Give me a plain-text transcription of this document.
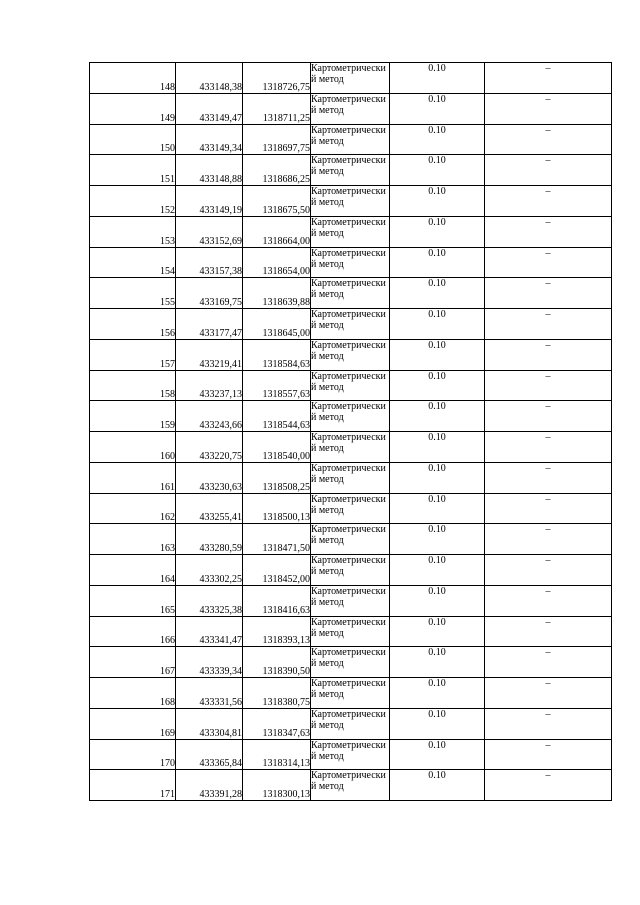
148	433148,38	1318726,75	Картометрический метод	0.10	–
149	433149,47	1318711,25	Картометрический метод	0.10	–
150	433149,34	1318697,75	Картометрический метод	0.10	–
151	433148,88	1318686,25	Картометрический метод	0.10	–
152	433149,19	1318675,50	Картометрический метод	0.10	–
153	433152,69	1318664,00	Картометрический метод	0.10	–
154	433157,38	1318654,00	Картометрический метод	0.10	–
155	433169,75	1318639,88	Картометрический метод	0.10	–
156	433177,47	1318645,00	Картометрический метод	0.10	–
157	433219,41	1318584,63	Картометрический метод	0.10	–
158	433237,13	1318557,63	Картометрический метод	0.10	–
159	433243,66	1318544,63	Картометрический метод	0.10	–
160	433220,75	1318540,00	Картометрический метод	0.10	–
161	433230,63	1318508,25	Картометрический метод	0.10	–
162	433255,41	1318500,13	Картометрический метод	0.10	–
163	433280,59	1318471,50	Картометрический метод	0.10	–
164	433302,25	1318452,00	Картометрический метод	0.10	–
165	433325,38	1318416,63	Картометрический метод	0.10	–
166	433341,47	1318393,13	Картометрический метод	0.10	–
167	433339,34	1318390,50	Картометрический метод	0.10	–
168	433331,56	1318380,75	Картометрический метод	0.10	–
169	433304,81	1318347,63	Картометрический метод	0.10	–
170	433365,84	1318314,13	Картометрический метод	0.10	–
171	433391,28	1318300,13	Картометрический метод	0.10	–
